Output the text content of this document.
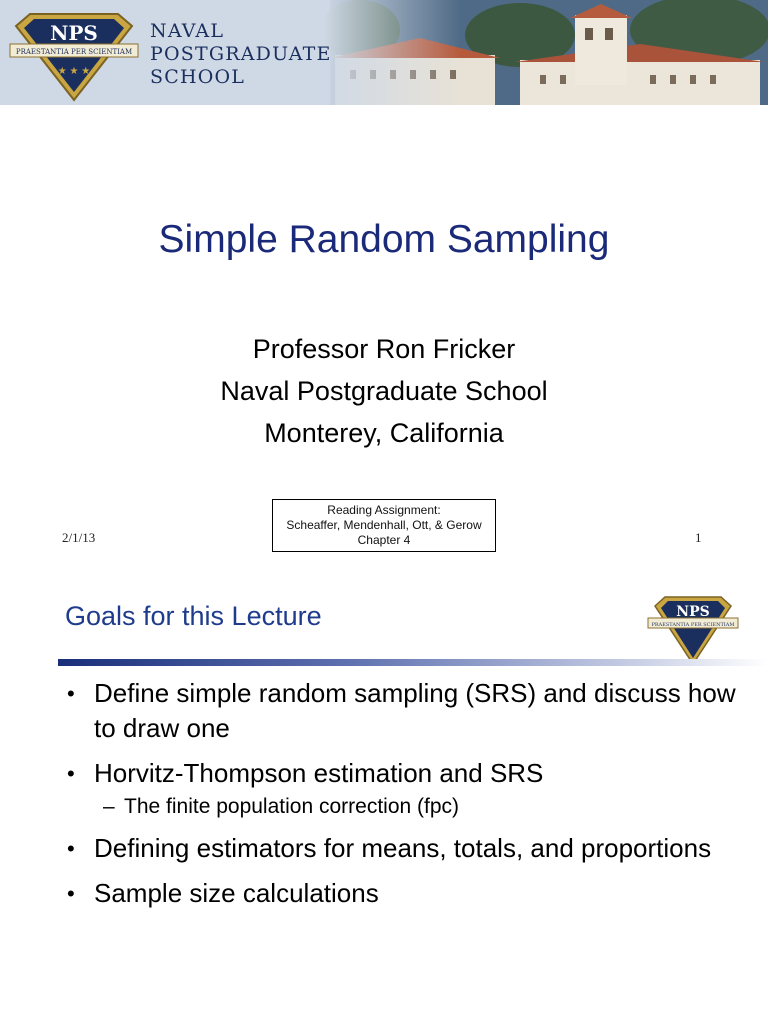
NPS
PRAESTANTIA PER SCIENTIAM
★ ★ ★
NAVAL
POSTGRADUATE
SCHOOL
Simple Random Sampling
Professor Ron Fricker
Naval Postgraduate School
Monterey, California
Reading Assignment:
Scheaffer, Mendenhall, Ott, & Gerow
Chapter 4
2/1/13	1
Goals for this Lecture	NPS
PRAESTANTIA PER SCIENTIAM
• Define simple random sampling (SRS) and discuss how to draw one
• Horvitz-Thompson estimation and SRS
– The finite population correction (fpc)
• Defining estimators for means, totals, and proportions
• Sample size calculations
